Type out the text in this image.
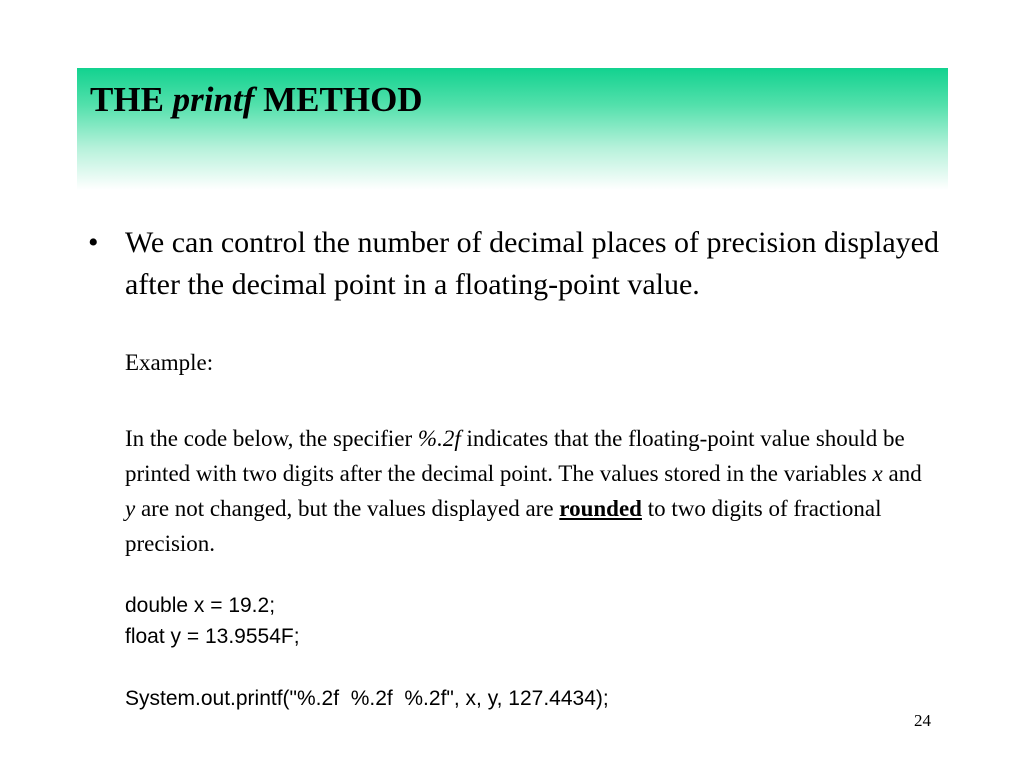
THE printf METHOD
• We can control the number of decimal places of precision displayed after the decimal point in a floating-point value.

Example:

In the code below, the specifier %.2f indicates that the floating-point value should be printed with two digits after the decimal point. The values stored in the variables x and y are not changed, but the values displayed are rounded to two digits of fractional precision.

double x = 19.2;
float y = 13.9554F;
System.out.printf("%.2f  %.2f  %.2f", x, y, 127.4434);

24
